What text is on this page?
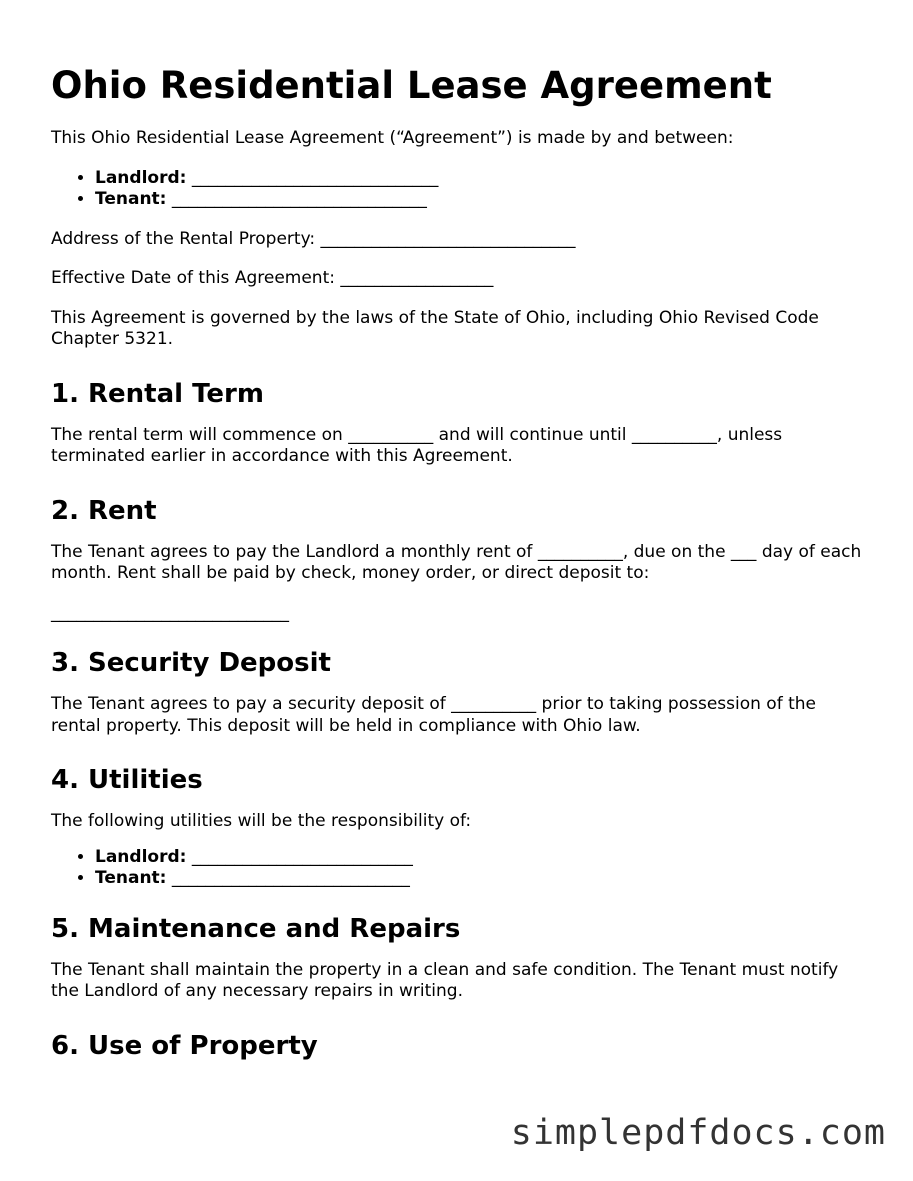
Ohio Residential Lease Agreement

This Ohio Residential Lease Agreement (“Agreement”) is made by and between:

• Landlord: _____________________________
• Tenant: ______________________________

Address of the Rental Property: ______________________________

Effective Date of this Agreement: __________________

This Agreement is governed by the laws of the State of Ohio, including Ohio Revised Code Chapter 5321.

1. Rental Term

The rental term will commence on __________ and will continue until __________, unless terminated earlier in accordance with this Agreement.

2. Rent

The Tenant agrees to pay the Landlord a monthly rent of __________, due on the ___ day of each month. Rent shall be paid by check, money order, or direct deposit to:

____________________________

3. Security Deposit

The Tenant agrees to pay a security deposit of __________ prior to taking possession of the rental property. This deposit will be held in compliance with Ohio law.

4. Utilities

The following utilities will be the responsibility of:

• Landlord: __________________________
• Tenant: ____________________________
5. Maintenance and Repairs

The Tenant shall maintain the property in a clean and safe condition. The Tenant must notify the Landlord of any necessary repairs in writing.

6. Use of Property
simplepdfdocs.com
